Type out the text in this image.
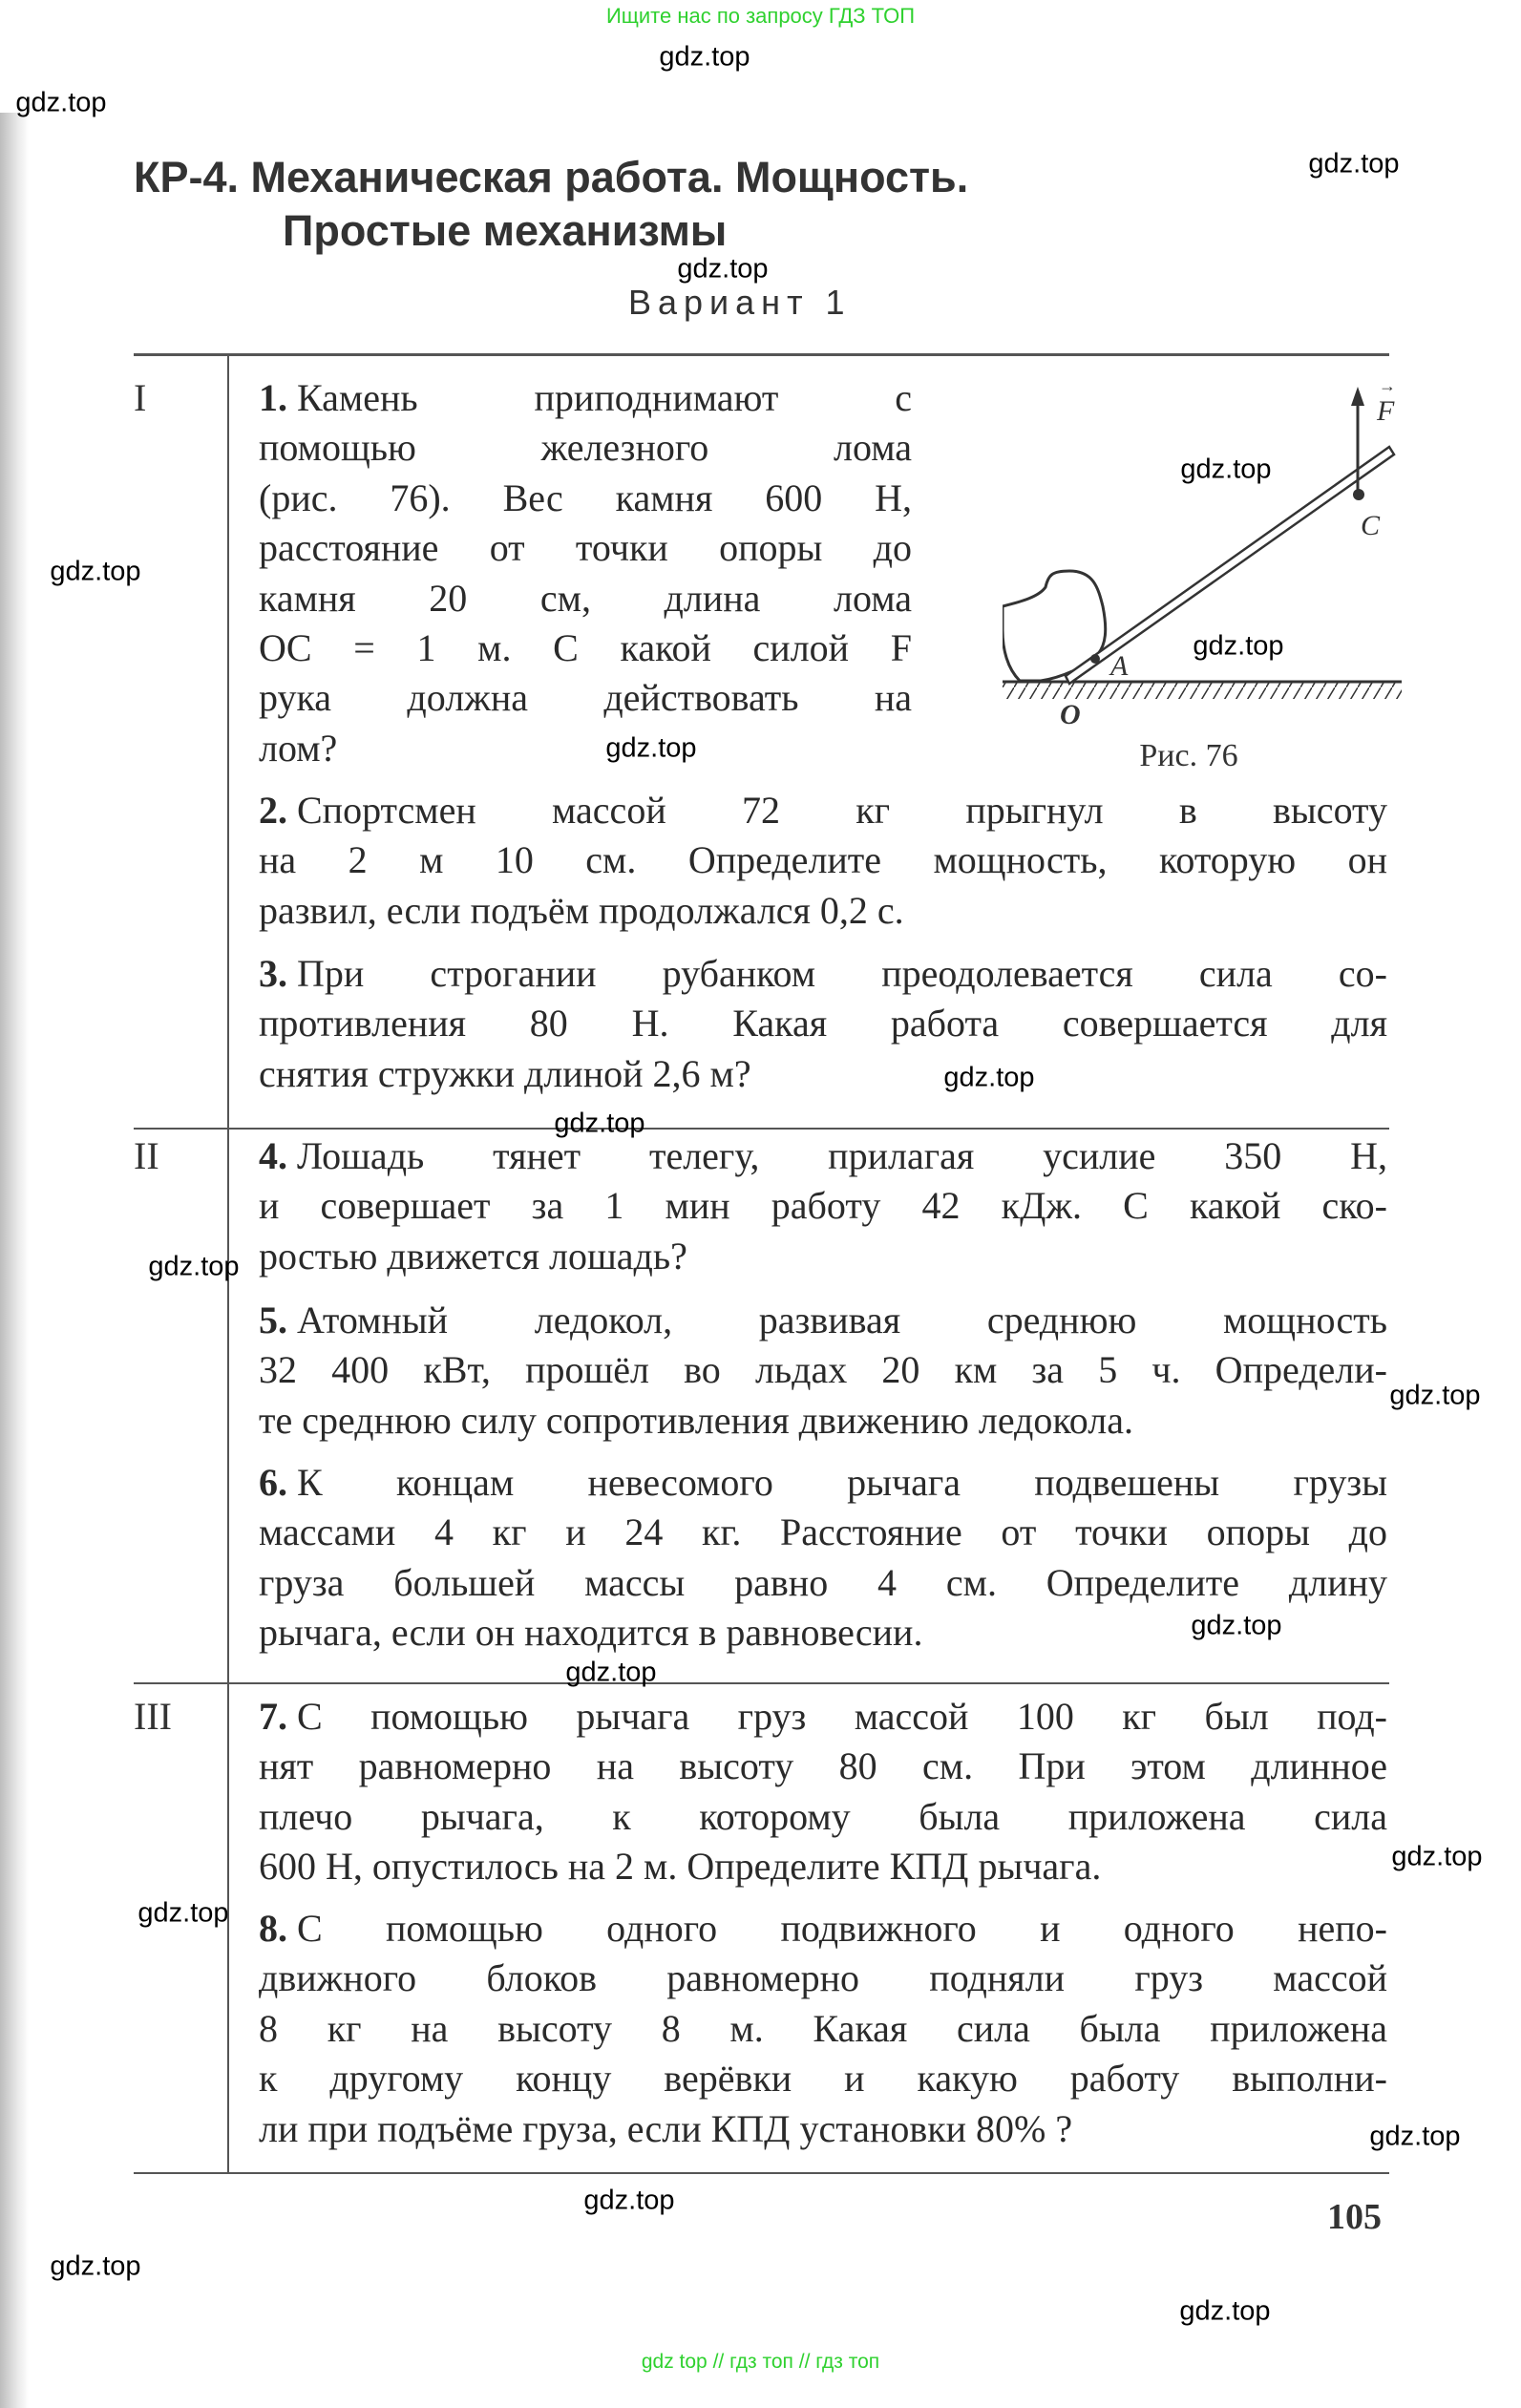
Ищите нас по запросу ГДЗ ТОП
КР-4. Механическая работа. Мощность.
Простые механизмы
Вариант 1
I
II
III
1. Камень приподнимают с
помощью железного лома
(рис. 76). Вес камня 600 Н,
расстояние от точки опоры до
камня 20 см, длина лома
OC = 1 м. С какой силой F
рука должна действовать на
лом?
2. Спортсмен массой 72 кг прыгнул в высоту
на 2 м 10 см. Определите мощность, которую он
развил, если подъём продолжался 0,2 с.
3. При строгании рубанком преодолевается сила со-
противления 80 Н. Какая работа совершается для
снятия стружки длиной 2,6 м?
4. Лошадь тянет телегу, прилагая усилие 350 Н,
и совершает за 1 мин работу 42 кДж. С какой ско-
ростью движется лошадь?
5. Атомный ледокол, развивая среднюю мощность
32 400 кВт, прошёл во льдах 20 км за 5 ч. Определи-
те среднюю силу сопротивления движению ледокола.
6. К концам невесомого рычага подвешены грузы
массами 4 кг и 24 кг. Расстояние от точки опоры до
груза большей массы равно 4 см. Определите длину
рычага, если он находится в равновесии.
7. С помощью рычага груз массой 100 кг был под-
нят равномерно на высоту 80 см. При этом длинное
плечо рычага, к которому была приложена сила
600 Н, опустилось на 2 м. Определите КПД рычага.
8. С помощью одного подвижного и одного непо-
движного блоков равномерно подняли груз массой
8 кг на высоту 8 м. Какая сила была приложена
к другому концу верёвки и какую работу выполни-
ли при подъёме груза, если КПД установки 80% ?
F
→
C
A
O
Рис. 76
105
gdz.top
gdz.top
gdz.top
gdz.top
gdz.top
gdz.top
gdz.top
gdz.top
gdz.top
gdz.top
gdz.top
gdz.top
gdz.top
gdz.top
gdz.top
gdz.top
gdz.top
gdz.top
gdz.top
gdz.top
gdz top // гдз топ // гдз топ
